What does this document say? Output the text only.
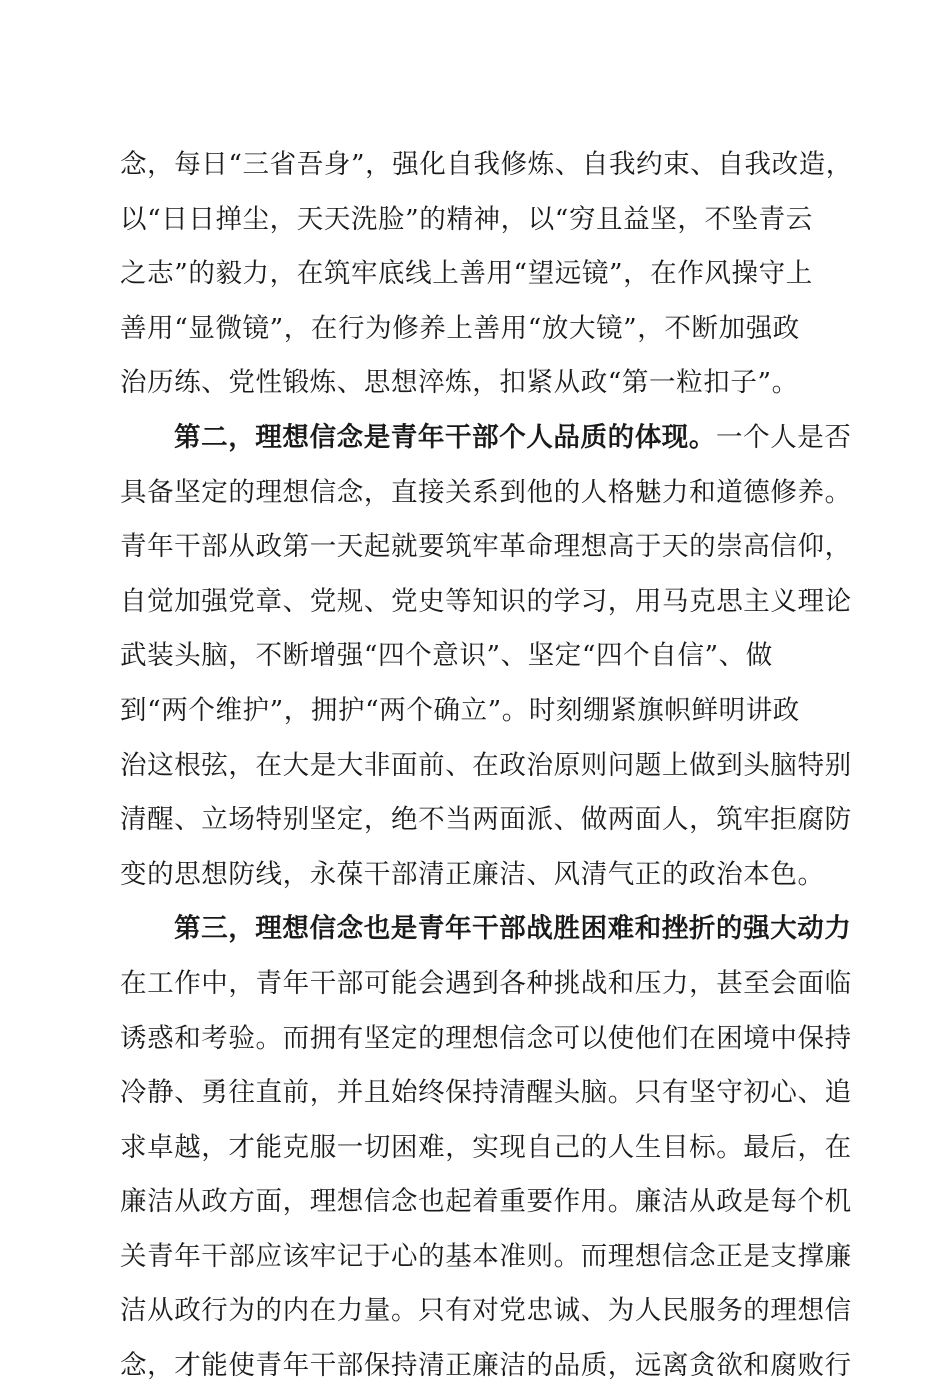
念，每日“三省吾身”，强化自我修炼、自我约束、自我改造，
以“日日掸尘，天天洗脸”的精神，以“穷且益坚，不坠青云
之志”的毅力，在筑牢底线上善用“望远镜”，在作风操守上
善用“显微镜”，在行为修养上善用“放大镜”，不断加强政
治历练、党性锻炼、思想淬炼，扣紧从政“第一粒扣子”。
第二，理想信念是青年干部个人品质的体现。一个人是否
具备坚定的理想信念，直接关系到他的人格魅力和道德修养。
青年干部从政第一天起就要筑牢革命理想高于天的崇高信仰，
自觉加强党章、党规、党史等知识的学习，用马克思主义理论
武装头脑，不断增强“四个意识”、坚定“四个自信”、做
到“两个维护”，拥护“两个确立”。时刻绷紧旗帜鲜明讲政
治这根弦，在大是大非面前、在政治原则问题上做到头脑特别
清醒、立场特别坚定，绝不当两面派、做两面人，筑牢拒腐防
变的思想防线，永葆干部清正廉洁、风清气正的政治本色。
第三，理想信念也是青年干部战胜困难和挫折的强大动力
在工作中，青年干部可能会遇到各种挑战和压力，甚至会面临
诱惑和考验。而拥有坚定的理想信念可以使他们在困境中保持
冷静、勇往直前，并且始终保持清醒头脑。只有坚守初心、追
求卓越，才能克服一切困难，实现自己的人生目标。最后，在
廉洁从政方面，理想信念也起着重要作用。廉洁从政是每个机
关青年干部应该牢记于心的基本准则。而理想信念正是支撑廉
洁从政行为的内在力量。只有对党忠诚、为人民服务的理想信
念，才能使青年干部保持清正廉洁的品质，远离贪欲和腐败行
